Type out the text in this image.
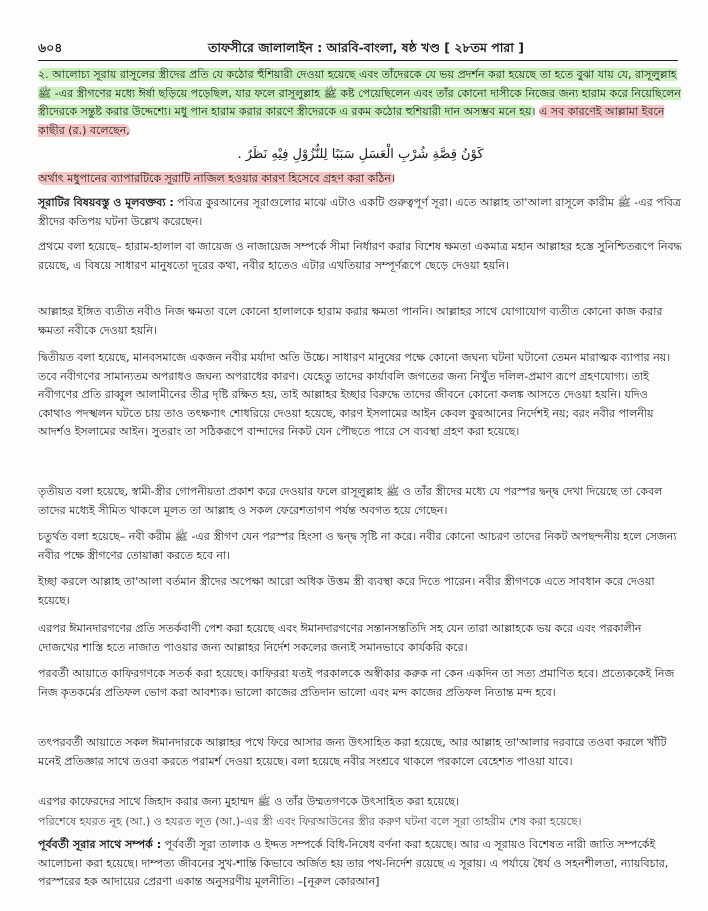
৬০৪	তাফসীরে জালালাইন : আরবি-বাংলা, ষষ্ঠ খণ্ড [ ২৮তম পারা ]
২. আলোচ্য সূরায় রাসূলের স্ত্রীদের প্রতি যে কঠোর হুঁশিয়ারী দেওয়া হয়েছে এবং তাঁদেরকে যে ভয় প্রদর্শন করা হয়েছে তা হতে বুঝা যায় যে, রাসূলুল্লাহ ﷺ -এর স্ত্রীগণের মধ্যে ঈর্ষা ছড়িয়ে পড়েছিল, যার ফলে রাসূলুল্লাহ ﷺ কষ্ট পেয়েছিলেন এবং তাঁর কোনো দাসীকে নিজের জন্য হারাম করে নিয়েছিলেন স্ত্রীদেরকে সন্তুষ্ট করার উদ্দেশ্যে। মধু পান হারাম করার কারণে স্ত্রীদেরকে এ রকম কঠোর হুশিয়ারী দান অসম্ভব মনে হয়। এ সব কারণেই আল্লামা ইবনে কাছীর (র.) বলেছেন,
كَوْنُ قِصَّةِ شُرْبِ الْعَسَلِ سَبَبًا لِلنُّزُوْلِ فِيْهِ نَظَرٌ .
অর্থাৎ মধুপানের ব্যাপারটিকে সূরাটি নাজিল হওয়ার কারণ হিসেবে গ্রহণ করা কঠিন।
সূরাটির বিষয়বস্তু ও মূলবক্তব্য : পবিত্র কুরআনের সূরাগুলোর মাঝে এটাও একটি গুরুত্বপূর্ণ সূরা। এতে আল্লাহ তা'আলা রাসূলে কারীম ﷺ -এর পবিত্র স্ত্রীদের কতিপয় ঘটনা উল্লেখ করেছেন।
প্রথমে বলা হয়েছে– হারাম-হালাল বা জায়েজ ও নাজায়েজ সম্পর্কে সীমা নির্ধারণ করার বিশেষ ক্ষমতা একমাত্র মহান আল্লাহর হস্তে সুনিশ্চিতরূপে নিবদ্ধ রয়েছে, এ বিষয়ে সাধারণ মানুষতো দূরের কথা, নবীর হাতেও এটার এখতিয়ার সম্পূর্ণরূপে ছেড়ে দেওয়া হয়নি।
আল্লাহর ইঙ্গিত ব্যতীত নবীও নিজ ক্ষমতা বলে কোনো হালালকে হারাম করার ক্ষমতা পাননি। আল্লাহর সাথে যোগাযোগ ব্যতীত কোনো কাজ করার ক্ষমতা নবীকে দেওয়া হয়নি।
দ্বিতীয়ত বলা হয়েছে, মানবসমাজে একজন নবীর মর্যাদা অতি উচ্চে। সাধারণ মানুষের পক্ষে কোনো জঘন্য ঘটনা ঘটানো তেমন মারাত্মক ব্যাপার নয়। তবে নবীগণের সামান্যতম অপরাধও জঘন্য অপরাধের কারণ। যেহেতু তাদের কার্যাবলি জগতের জন্য নিখুঁত দলিল-প্রমাণ রূপে গ্রহণযোগ্য। তাই নবীগণের প্রতি রাব্বুল আলামীনের তীব্র দৃষ্টি রক্ষিত হয়, তাই আল্লাহর ইচ্ছার বিরুদ্ধে তাদের জীবনে কোনো কলঙ্ক আসতে দেওয়া হয়নি। যদিও কোথাও পদস্খলন ঘটতে চায় তাও তৎক্ষণাৎ শোধরিয়ে দেওয়া হয়েছে, কারণ ইসলামের আইন কেবল কুরআনের নির্দেশই নয়; বরং নবীর পালনীয় আদর্শও ইসলামের আইন। সুতরাং তা সঠিকরূপে বান্দাদের নিকট যেন পৌছতে পারে সে ব্যবস্থা গ্রহণ করা হয়েছে।
তৃতীয়ত বলা হয়েছে, স্বামী-স্ত্রীর গোপনীয়তা প্রকাশ করে দেওয়ার ফলে রাসূলুল্লাহ ﷺ ও তাঁর স্ত্রীদের মধ্যে যে পরস্পর দ্বন্দ্ব দেখা দিয়েছে তা কেবল তাদের মধ্যেই সীমিত থাকলে মূলত তা আল্লাহ ও সকল ফেরেশতাগণ পর্যন্ত অবগত হয়ে গেছেন।
চতুর্থত বলা হয়েছে– নবী করীম ﷺ -এর স্ত্রীগণ যেন পরস্পর হিংসা ও দ্বন্দ্ব সৃষ্টি না করে। নবীর কোনো আচরণ তাদের নিকট অপছন্দনীয় হলে সেজন্য নবীর পক্ষে স্ত্রীগণের তোয়াক্কা করতে হবে না।
ইচ্ছা করলে আল্লাহ তা'আলা বর্তমান স্ত্রীদের অপেক্ষা আরো অধিক উত্তম স্ত্রী ব্যবস্থা করে দিতে পারেন। নবীর স্ত্রীগণকে এতে সাবধান করে দেওয়া হয়েছে।
এরপর ঈমানদারগণের প্রতি সতর্কবাণী পেশ করা হয়েছে এবং ঈমানদারগণের সন্তানসন্ততিদি সহ যেন তারা আল্লাহকে ভয় করে এবং পরকালীন দোজখের শাস্তি হতে নাজাত পাওয়ার জন্য আল্লাহর নির্দেশ সকলের জন্যই সমানভাবে কার্যকরি করে।
পরবর্তী আয়াতে কাফিরগণকে সতর্ক করা হয়েছে। কাফিররা যতই পরকালকে অস্বীকার করুক না কেন একদিন তা সত্য প্রমাণিত হবে। প্রত্যেককেই নিজ নিজ কৃতকর্মের প্রতিফল ভোগ করা আবশ্যক। ভালো কাজের প্রতিদান ভালো এবং মন্দ কাজের প্রতিফল নিতান্ত মন্দ হবে।
তৎপরবর্তী আয়াতে সকল ঈমানদারকে আল্লাহর পথে ফিরে আসার জন্য উৎসাহিত করা হয়েছে, আর আল্লাহ তা'আলার দরবারে তওবা করলে খাঁটি মনেই প্রতিজ্ঞার সাথে তওবা করতে পরামর্শ দেওয়া হয়েছে। বলা হয়েছে নবীর সংশ্রবে থাকলে পরকালে বেহেশত পাওয়া যাবে।
এরপর কাফেরদের সাথে জিহাদ করার জন্য মুহাম্মদ ﷺ ও তাঁর উম্মতগণকে উৎসাহিত করা হয়েছে।
পরিশেষে হযরত নূহ (আ.) ও হযরত লূত (আ.)-এর স্ত্রী এবং ফিরআউনের স্ত্রীর করুণ ঘটনা বলে সূরা তাহরীম শেষ করা হয়েছে।
পূর্ববর্তী সূরার সাথে সম্পর্ক : পূর্ববর্তী সূরা তালাক ও ইদ্দত সম্পর্কে বিধি-নিষেধ বর্ণনা করা হয়েছে। আর এ সূরায়ও বিশেষত নারী জাতি সম্পর্কেই আলোচনা করা হয়েছে। দাম্পত্য জীবনের সুখ-শান্তি কিভাবে অর্জিত হয় তার পথ-নির্দেশ রয়েছে এ সূরায়। এ পর্যায়ে ধৈর্য ও সহনশীলতা, ন্যায়বিচার, পরস্পরের হক আদায়ের প্রেরণা একান্ত অনুসরণীয় মূলনীতি। –[নূরুল কোরআন]
